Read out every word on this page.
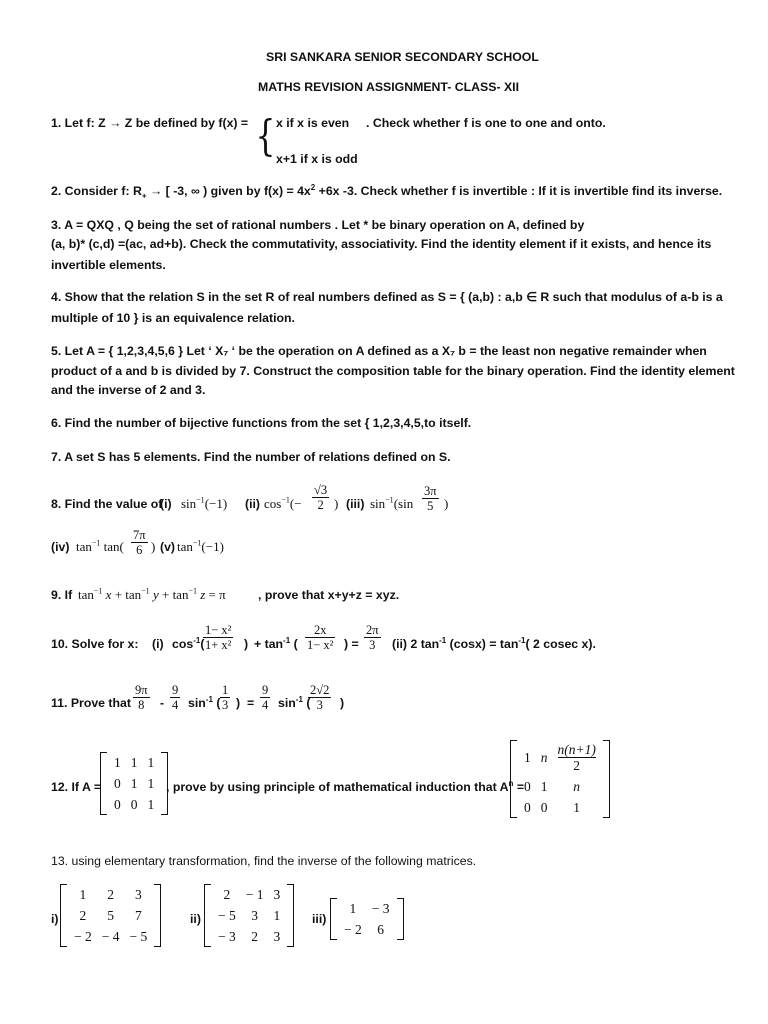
SRI SANKARA SENIOR SECONDARY SCHOOL
MATHS REVISION ASSIGNMENT- CLASS- XII
1. Let f: Z → Z be defined by f(x) = { x if x is even . Check whether f is one to one and onto.
x+1 if x is odd
2. Consider f: $R_+$ → [ -3, ∞ ) given by $f(x) = 4x^2 +6x$ -3. Check whether f is invertible : If it is invertible find its inverse.
3. A = QXQ , Q being the set of rational numbers . Let * be binary operation on A, defined by
(a, b)* (c,d) =(ac, ad+b). Check the commutativity, associativity. Find the identity element if it exists, and hence its
invertible elements.
4. Show that the relation S in the set R of real numbers defined as S = { (a,b) : a,b ∈ R such that modulus of a-b is a
multiple of 10 } is an equivalence relation.
5. Let A = { 1,2,3,4,5,6 } Let ‘ X₇ ‘ be the operation on A defined as a X₇ b = the least non negative remainder when
product of a and b is divided by 7. Construct the composition table for the binary operation. Find the identity element
and the inverse of 2 and 3.
6. Find the number of bijective functions from the set { 1,2,3,4,5,to itself.
7. A set S has 5 elements. Find the number of relations defined on S.
8. Find the value of
(i) $\sin^{-1}(-1)$ (ii) $\cos^{-1}(- \frac{√3}{2}$ ) (iii) $\sin^{-1}(\sin \frac{3\pi}{5}$ )
(iv) $\tan^{-1} \tan( \frac{7\pi}{6}$ ) (v) $\tan^{-1}(-1)$
9. If $\tan^{-1} x + \tan^{-1} y + \tan^{-1} z = \pi$	, prove that x+y+z = xyz.
10. Solve for x: (i) $\cos^{-1}$(
$\frac{\text{1− x²}}{\text{1+ x²}}$ ) + $\tan^{-1}$ ( $\frac{2x}{\text{1− x²}}$ ) = $\frac{2\pi}{3} (ii)$ 2 $\tan^{-1} (\cos x) = \tan^{-1}$( 2 cosec x).
11. Prove that $\frac{9\pi}{8} - \frac{9}{4} \sin^{-1}$ ( $\frac{1}{3}$ ) = $\frac{9}{4} \sin^{-1}$ (
$\frac{2√2}{3}$ )
12. If A =
1	1	1
0	1	1
0	0	1
, prove by using principle of mathematical induction that $A^n$ =
1	n	$\frac{n(n+1)}{2}$

0	1	n
0	0	1
13. using elementary transformation, find the inverse of the following matrices.
i)
1	2	3
2	5	7
− 2	− 4	− 5
ii)
2	− 1	3
− 5	3	1
− 3	2	3
iii)
1	− 3
− 2	6
